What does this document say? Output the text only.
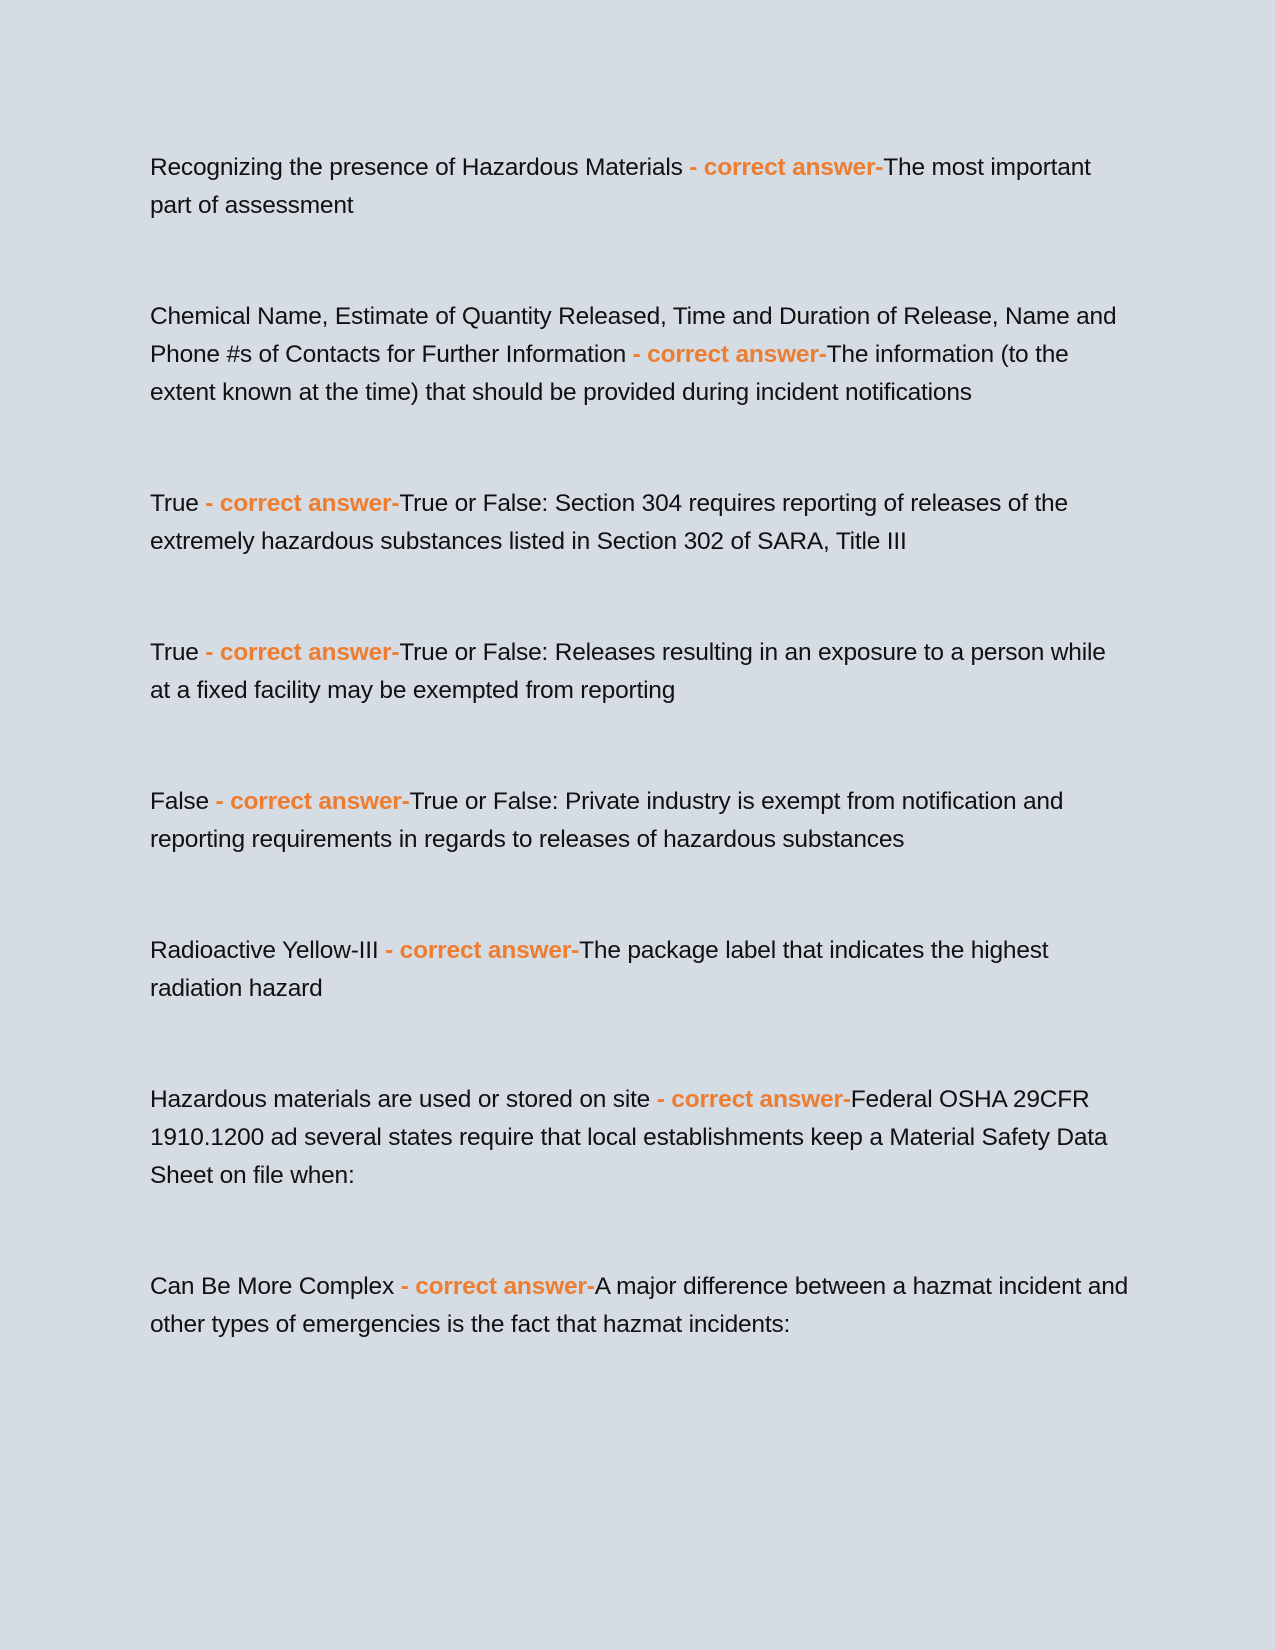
Recognizing the presence of Hazardous Materials - correct answer-The most important part of assessment

Chemical Name, Estimate of Quantity Released, Time and Duration of Release, Name and Phone #s of Contacts for Further Information - correct answer-The information (to the extent known at the time) that should be provided during incident notifications

True - correct answer-True or False: Section 304 requires reporting of releases of the extremely hazardous substances listed in Section 302 of SARA, Title III

True - correct answer-True or False: Releases resulting in an exposure to a person while at a fixed facility may be exempted from reporting

False - correct answer-True or False: Private industry is exempt from notification and reporting requirements in regards to releases of hazardous substances

Radioactive Yellow-III - correct answer-The package label that indicates the highest radiation hazard

Hazardous materials are used or stored on site - correct answer-Federal OSHA 29CFR 1910.1200 ad several states require that local establishments keep a Material Safety Data Sheet on file when:

Can Be More Complex - correct answer-A major difference between a hazmat incident and other types of emergencies is the fact that hazmat incidents:
